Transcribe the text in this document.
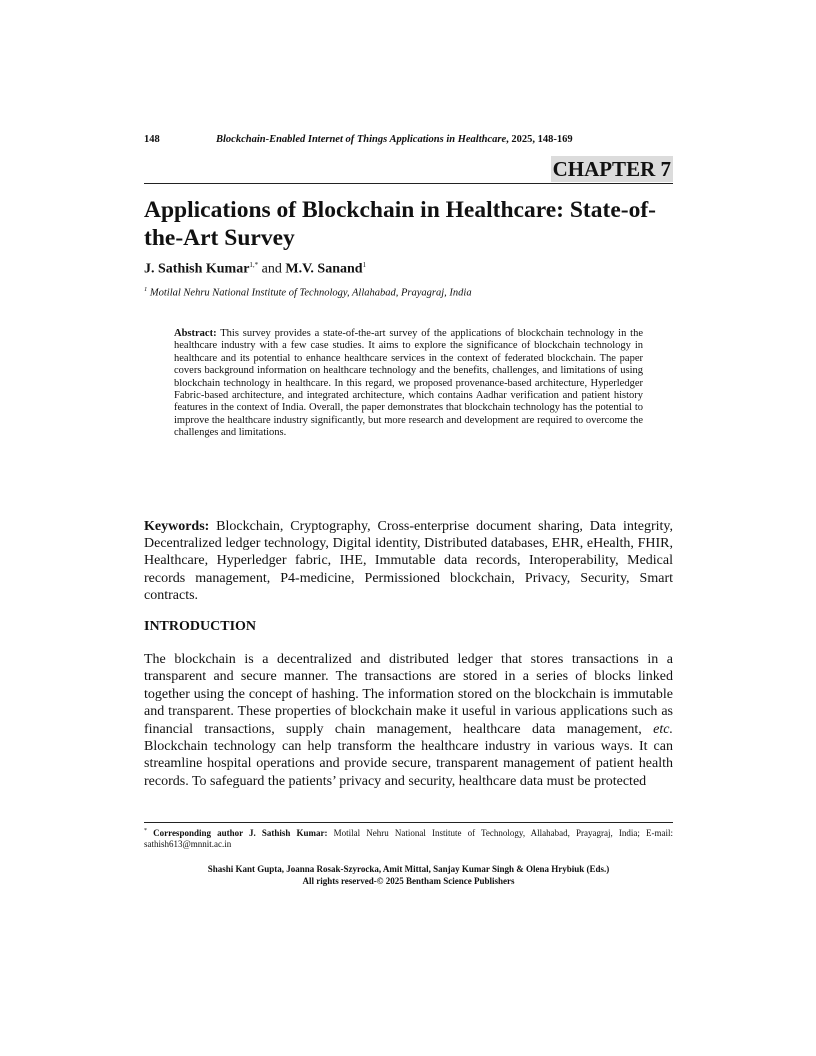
148	Blockchain-Enabled Internet of Things Applications in Healthcare, 2025, 148-169
CHAPTER 7
Applications of Blockchain in Healthcare: State-of-the-Art Survey
J. Sathish Kumar$^{1,*}$ and M.V. Sanand$^1$
$^1$ Motilal Nehru National Institute of Technology, Allahabad, Prayagraj, India

Abstract: This survey provides a state-of-the-art survey of the applications of blockchain technology in the healthcare industry with a few case studies. It aims to explore the significance of blockchain technology in healthcare and its potential to enhance healthcare services in the context of federated blockchain. The paper covers background information on healthcare technology and the benefits, challenges, and limitations of using blockchain technology in healthcare. In this regard, we proposed provenance-based architecture, Hyperledger Fabric-based architecture, and integrated architecture, which contains Aadhar verification and patient history features in the context of India. Overall, the paper demonstrates that blockchain technology has the potential to improve the healthcare industry significantly, but more research and development are required to overcome the challenges and limitations.

Keywords: Blockchain, Cryptography, Cross-enterprise document sharing, Data integrity, Decentralized ledger technology, Digital identity, Distributed databases, EHR, eHealth, FHIR, Healthcare, Hyperledger fabric, IHE, Immutable data records, Interoperability, Medical records management, P4-medicine, Permissioned blockchain, Privacy, Security, Smart contracts.

INTRODUCTION

The blockchain is a decentralized and distributed ledger that stores transactions in a transparent and secure manner. The transactions are stored in a series of blocks linked together using the concept of hashing. The information stored on the blockchain is immutable and transparent. These properties of blockchain make it useful in various applications such as financial transactions, supply chain management, healthcare data management, etc. Blockchain technology can help transform the healthcare industry in various ways. It can streamline hospital operations and provide secure, transparent management of patient health records. To safeguard the patients’ privacy and security, healthcare data must be protected

* Corresponding author J. Sathish Kumar: Motilal Nehru National Institute of Technology, Allahabad, Prayagraj, India; E-mail: sathish613@mnnit.ac.in

Shashi Kant Gupta, Joanna Rosak-Szyrocka, Amit Mittal, Sanjay Kumar Singh & Olena Hrybiuk (Eds.)
All rights reserved-© 2025 Bentham Science Publishers
